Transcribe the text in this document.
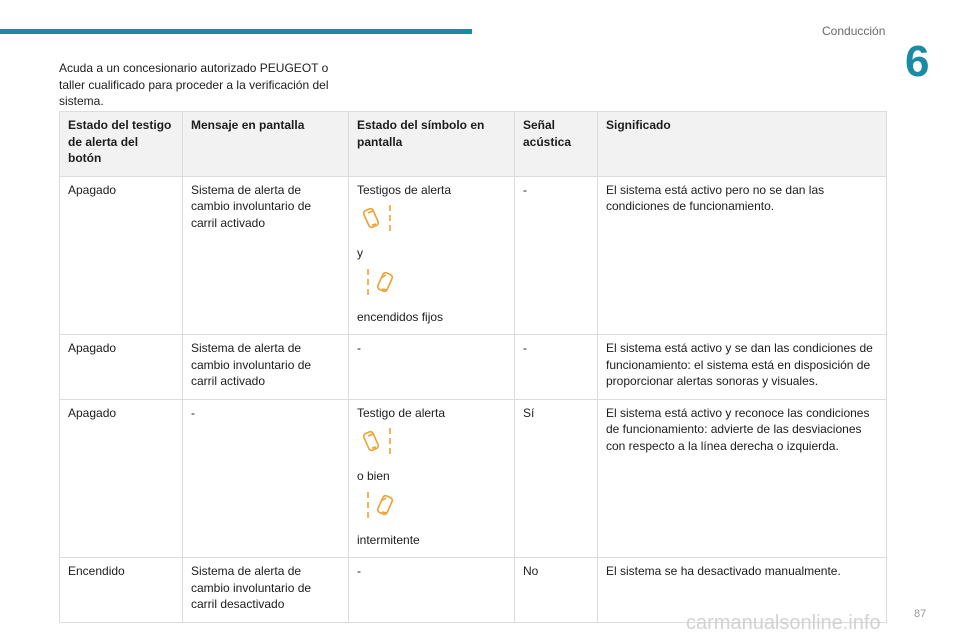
Conducción
6
Acuda a un concesionario autorizado PEUGEOT o taller cualificado para proceder a la verificación del sistema.
Estado del testigo de alerta del botón	Mensaje en pantalla	Estado del símbolo en pantalla	Señal acústica	Significado
Apagado	Sistema de alerta de cambio involuntario de carril activado	Testigos de alerta
y
encendidos fijos	-	El sistema está activo pero no se dan las condiciones de funcionamiento.
Apagado	Sistema de alerta de cambio involuntario de carril activado	-	-	El sistema está activo y se dan las condiciones de funcionamiento: el sistema está en disposición de proporcionar alertas sonoras y visuales.
Apagado	-	Testigo de alerta
o bien
intermitente	Sí	El sistema está activo y reconoce las condiciones de funcionamiento: advierte de las desviaciones con respecto a la línea derecha o izquierda.
Encendido	Sistema de alerta de cambio involuntario de carril desactivado	-	No	El sistema se ha desactivado manualmente.
carmanualsonline.info	87
